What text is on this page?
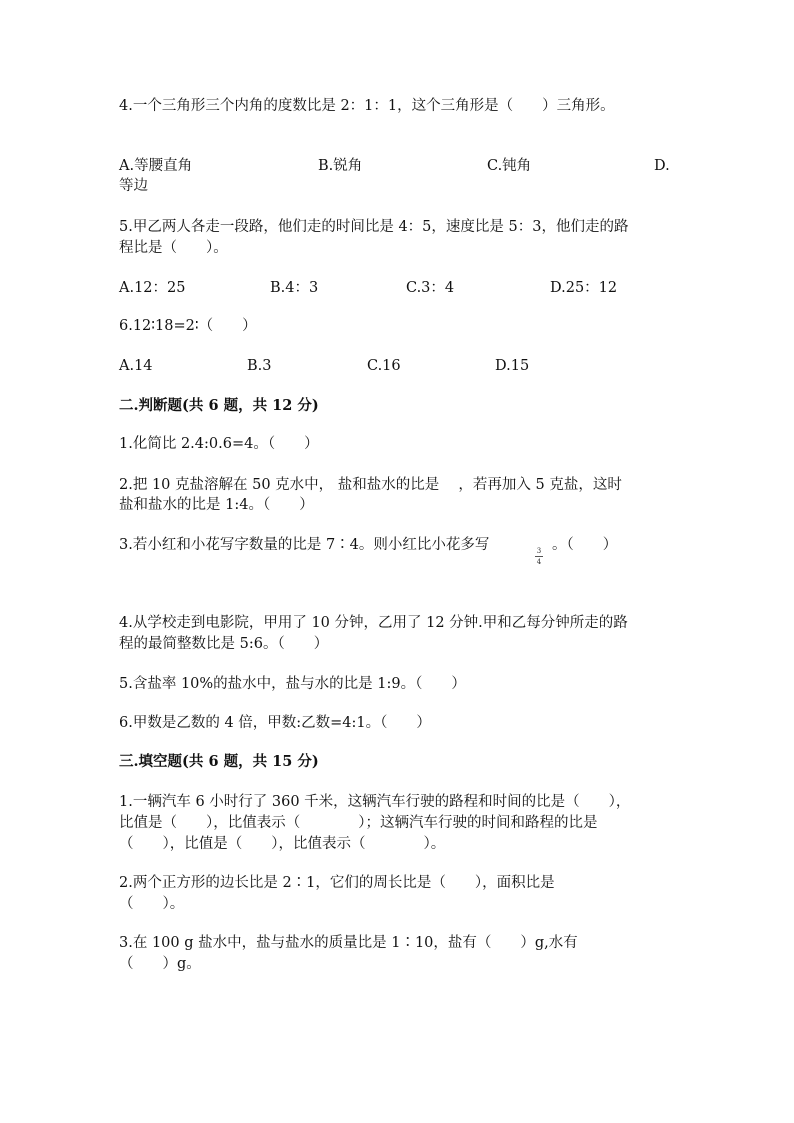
4.一个三角形三个内角的度数比是 2：1：1，这个三角形是（　　）三角形。
A.等腰直角	B.锐角	C.钝角	D.
等边
5.甲乙两人各走一段路，他们走的时间比是 4：5，速度比是 5：3，他们走的路
程比是（　　）。
A.12：25	B.4：3	C.3：4	D.25：12
6.12∶18=2∶（　　）
A.14	B.3	C.16	D.15
二.判断题(共 6 题，共 12 分)
1.化简比 2.4:0.6=4。（　　）
2.把 10 克盐溶解在 50 克水中， 盐和盐水的比是　 ，若再加入 5 克盐，这时
盐和盐水的比是 1:4。（　　）
3.若小红和小花写字数量的比是 7∶4。则小红比小花多写	3
4
。（　　）
4.从学校走到电影院，甲用了 10 分钟，乙用了 12 分钟.甲和乙每分钟所走的路
程的最简整数比是 5:6。（　　）
5.含盐率 10%的盐水中，盐与水的比是 1:9。（　　）
6.甲数是乙数的 4 倍，甲数:乙数=4:1。（　　）
三.填空题(共 6 题，共 15 分)
1.一辆汽车 6 小时行了 360 千米，这辆汽车行驶的路程和时间的比是（　　），
比值是（　　），比值表示（　　　　）；这辆汽车行驶的时间和路程的比是
（　　），比值是（　　），比值表示（　　　　）。
2.两个正方形的边长比是 2∶1，它们的周长比是（　　），面积比是
（　　）。
3.在 100 g 盐水中，盐与盐水的质量比是 1∶10，盐有（　　）g,水有
（　　）g。
